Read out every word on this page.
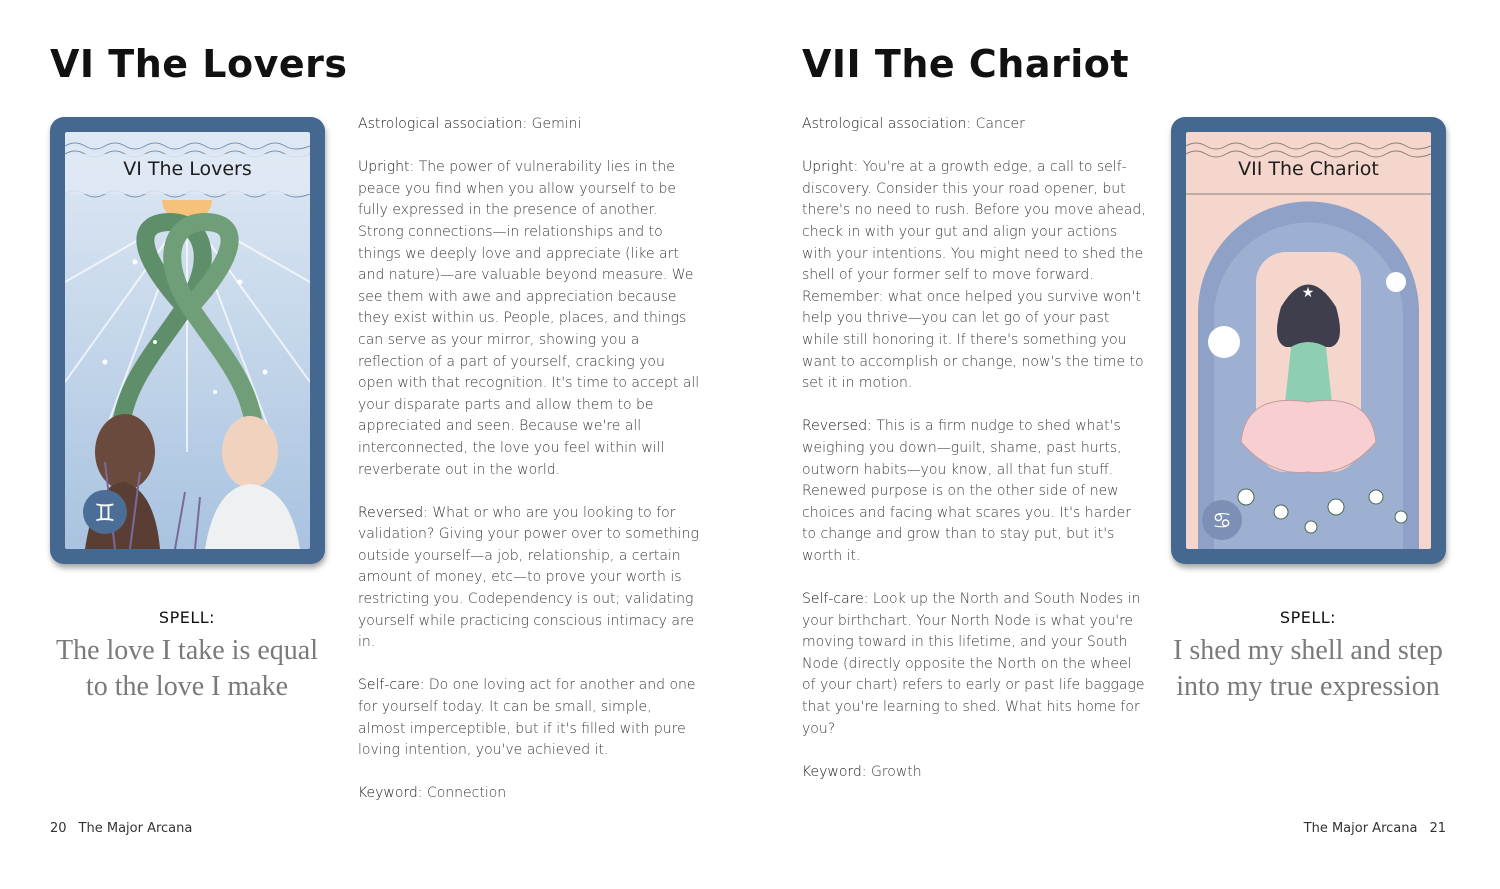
VI The Lovers
♊
VI The Lovers
SPELL:
The love I take is equal
to the love I make

Astrological association: Gemini

Upright: The power of vulnerability lies in the peace you find when you allow yourself to be fully expressed in the presence of another. Strong connections—in relationships and to things we deeply love and appreciate (like art and nature)—are valuable beyond measure. We see them with awe and appreciation because they exist within us. People, places, and things can serve as your mirror, showing you a reflection of a part of yourself, cracking you open with that recognition. It's time to accept all your disparate parts and allow them to be appreciated and seen. Because we're all interconnected, the love you feel within will reverberate out in the world.

Reversed: What or who are you looking to for validation? Giving your power over to something outside yourself—a job, relationship, a certain amount of money, etc—to prove your worth is restricting you. Codependency is out; validating yourself while practicing conscious intimacy are in.

Self-care: Do one loving act for another and one for yourself today. It can be small, simple, almost imperceptible, but if it's filled with pure loving intention, you've achieved it.

Keyword: Connection

20 The Major Arcana
VII The Chariot

Astrological association: Cancer

Upright: You're at a growth edge, a call to self-discovery. Consider this your road opener, but there's no need to rush. Before you move ahead, check in with your gut and align your actions with your intentions. You might need to shed the shell of your former self to move forward. Remember: what once helped you survive won't help you thrive—you can let go of your past while still honoring it. If there's something you want to accomplish or change, now's the time to set it in motion.

Reversed: This is a firm nudge to shed what's weighing you down—guilt, shame, past hurts, outworn habits—you know, all that fun stuff. Renewed purpose is on the other side of new choices and facing what scares you. It's harder to change and grow than to stay put, but it's worth it.

Self-care: Look up the North and South Nodes in your birthchart. Your North Node is what you're moving toward in this lifetime, and your South Node (directly opposite the North on the wheel of your chart) refers to early or past life baggage that you're learning to shed. What hits home for you?

Keyword: Growth

★
♋
VII The Chariot
SPELL:
I shed my shell and step
into my true expression
The Major Arcana 21
